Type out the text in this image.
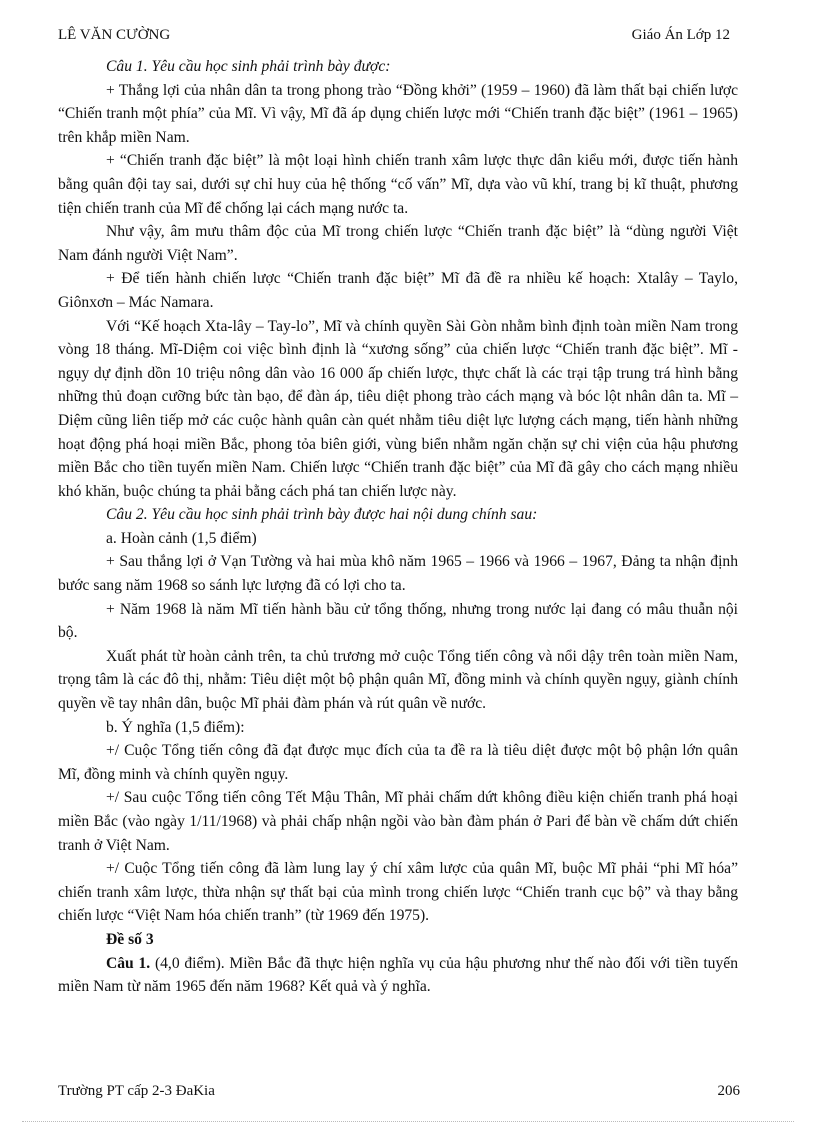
LÊ VĂN CƯỜNG	Giáo Án Lớp 12

Câu 1. Yêu cầu học sinh phải trình bày được:

+ Thắng lợi của nhân dân ta trong phong trào “Đồng khởi” (1959 – 1960) đã làm thất bại chiến lược “Chiến tranh một phía” của Mĩ. Vì vậy, Mĩ đã áp dụng chiến lược mới “Chiến tranh đặc biệt” (1961 – 1965) trên khắp miền Nam.

+ “Chiến tranh đặc biệt” là một loại hình chiến tranh xâm lược thực dân kiểu mới, được tiến hành bằng quân đội tay sai, dưới sự chỉ huy của hệ thống “cố vấn” Mĩ, dựa vào vũ khí, trang bị kĩ thuật, phương tiện chiến tranh của Mĩ để chống lại cách mạng nước ta.

Như vậy, âm mưu thâm độc của Mĩ trong chiến lược “Chiến tranh đặc biệt” là “dùng người Việt Nam đánh người Việt Nam”.

+ Để tiến hành chiến lược “Chiến tranh đặc biệt” Mĩ đã đề ra nhiều kế hoạch: Xtalây – Taylo, Giônxơn – Mác Namara.

Với “Kế hoạch Xta-lây – Tay-lo”, Mĩ và chính quyền Sài Gòn nhằm bình định toàn miền Nam trong vòng 18 tháng. Mĩ-Diệm coi việc bình định là “xương sống” của chiến lược “Chiến tranh đặc biệt”. Mĩ - ngụy dự định dồn 10 triệu nông dân vào 16 000 ấp chiến lược, thực chất là các trại tập trung trá hình bằng những thủ đoạn cưỡng bức tàn bạo, để đàn áp, tiêu diệt phong trào cách mạng và bóc lột nhân dân ta. Mĩ – Diệm cũng liên tiếp mở các cuộc hành quân càn quét nhằm tiêu diệt lực lượng cách mạng, tiến hành những hoạt động phá hoại miền Bắc, phong tỏa biên giới, vùng biển nhằm ngăn chặn sự chi viện của hậu phương miền Bắc cho tiền tuyến miền Nam. Chiến lược “Chiến tranh đặc biệt” của Mĩ đã gây cho cách mạng nhiều khó khăn, buộc chúng ta phải bằng cách phá tan chiến lược này.

Câu 2. Yêu cầu học sinh phải trình bày được hai nội dung chính sau:

a. Hoàn cảnh (1,5 điểm)

+ Sau thắng lợi ở Vạn Tường và hai mùa khô năm 1965 – 1966 và 1966 – 1967, Đảng ta nhận định bước sang năm 1968 so sánh lực lượng đã có lợi cho ta.

+ Năm 1968 là năm Mĩ tiến hành bầu cử tổng thống, nhưng trong nước lại đang có mâu thuẫn nội bộ.

Xuất phát từ hoàn cảnh trên, ta chủ trương mở cuộc Tổng tiến công và nổi dậy trên toàn miền Nam, trọng tâm là các đô thị, nhằm: Tiêu diệt một bộ phận quân Mĩ, đồng minh và chính quyền ngụy, giành chính quyền về tay nhân dân, buộc Mĩ phải đàm phán và rút quân về nước.

b. Ý nghĩa (1,5 điểm):

+/ Cuộc Tổng tiến công đã đạt được mục đích của ta đề ra là tiêu diệt được một bộ phận lớn quân Mĩ, đồng minh và chính quyền ngụy.

+/ Sau cuộc Tổng tiến công Tết Mậu Thân, Mĩ phải chấm dứt không điều kiện chiến tranh phá hoại miền Bắc (vào ngày 1/11/1968) và phải chấp nhận ngồi vào bàn đàm phán ở Pari để bàn về chấm dứt chiến tranh ở Việt Nam.

+/ Cuộc Tổng tiến công đã làm lung lay ý chí xâm lược của quân Mĩ, buộc Mĩ phải “phi Mĩ hóa” chiến tranh xâm lược, thừa nhận sự thất bại của mình trong chiến lược “Chiến tranh cục bộ” và thay bằng chiến lược “Việt Nam hóa chiến tranh” (từ 1969 đến 1975).

Đề số 3

Câu 1. (4,0 điểm). Miền Bắc đã thực hiện nghĩa vụ của hậu phương như thế nào đối với tiền tuyến miền Nam từ năm 1965 đến năm 1968? Kết quả và ý nghĩa.

Trường PT cấp 2-3 ĐaKia	206
